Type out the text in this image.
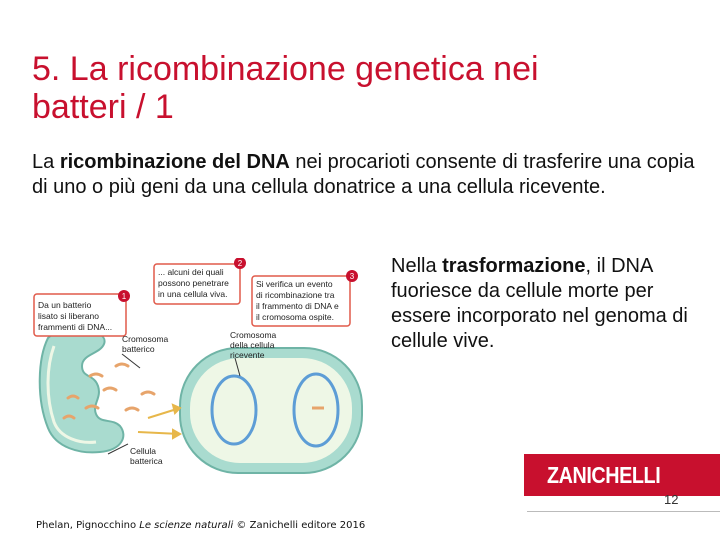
5. La ricombinazione genetica nei
batteri / 1
La ricombinazione del DNA nei procarioti consente di trasferire una copia di uno o più geni da una cellula donatrice a una cellula ricevente.
Da un batterio
lisato si liberano
frammenti di DNA...
1
... alcuni dei quali
possono penetrare
in una cellula viva.
2
Si verifica un evento
di ricombinazione tra
il frammento di DNA e
il cromosoma ospite.
3
Cromosoma
batterico
Cromosoma
della cellula
ricevente
Cellula
batterica
Nella trasformazione, il DNA fuoriesce da cellule morte per essere incorporato nel genoma di cellule vive.
ZANICHELLI
12
Phelan, Pignocchino Le scienze naturali © Zanichelli editore 2016
